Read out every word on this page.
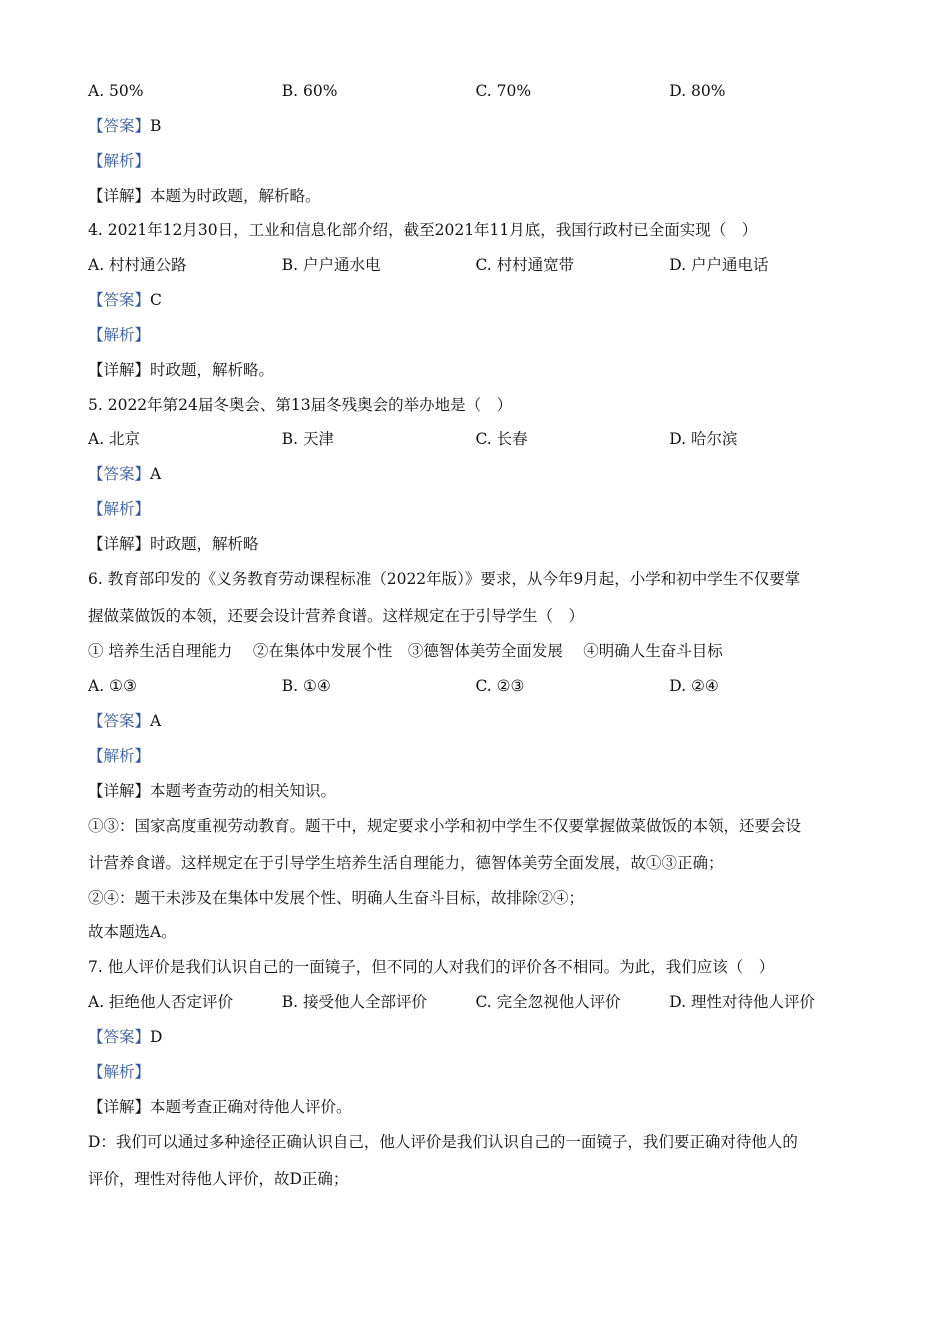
A. 50%	B. 60%	C. 70%	D. 80%
【答案】B
【解析】
【详解】本题为时政题，解析略。
4. 2021年12月30日，工业和信息化部介绍，截至2021年11月底，我国行政村已全面实现（　）
A. 村村通公路	B. 户户通水电	C. 村村通宽带	D. 户户通电话
【答案】C
【解析】
【详解】时政题，解析略。
5. 2022年第24届冬奥会、第13届冬残奥会的举办地是（　）
A. 北京	B. 天津	C. 长春	D. 哈尔滨
【答案】A
【解析】
【详解】时政题，解析略
6. 教育部印发的《义务教育劳动课程标准（2022年版）》要求，从今年9月起，小学和初中学生不仅要掌
握做菜做饭的本领，还要会设计营养食谱。这样规定在于引导学生（　）
① 培养生活自理能力　 ②在集体中发展个性　③德智体美劳全面发展　 ④明确人生奋斗目标
A. ①③	B. ①④	C. ②③	D. ②④
【答案】A
【解析】
【详解】本题考查劳动的相关知识。
①③：国家高度重视劳动教育。题干中，规定要求小学和初中学生不仅要掌握做菜做饭的本领，还要会设
计营养食谱。这样规定在于引导学生培养生活自理能力，德智体美劳全面发展，故①③正确；
②④：题干未涉及在集体中发展个性、明确人生奋斗目标，故排除②④；
故本题选A。
7. 他人评价是我们认识自己的一面镜子，但不同的人对我们的评价各不相同。为此，我们应该（　）
A. 拒绝他人否定评价	B. 接受他人全部评价	C. 完全忽视他人评价	D. 理性对待他人评价
【答案】D
【解析】
【详解】本题考查正确对待他人评价。
D：我们可以通过多种途径正确认识自己，他人评价是我们认识自己的一面镜子，我们要正确对待他人的
评价，理性对待他人评价，故D正确；
